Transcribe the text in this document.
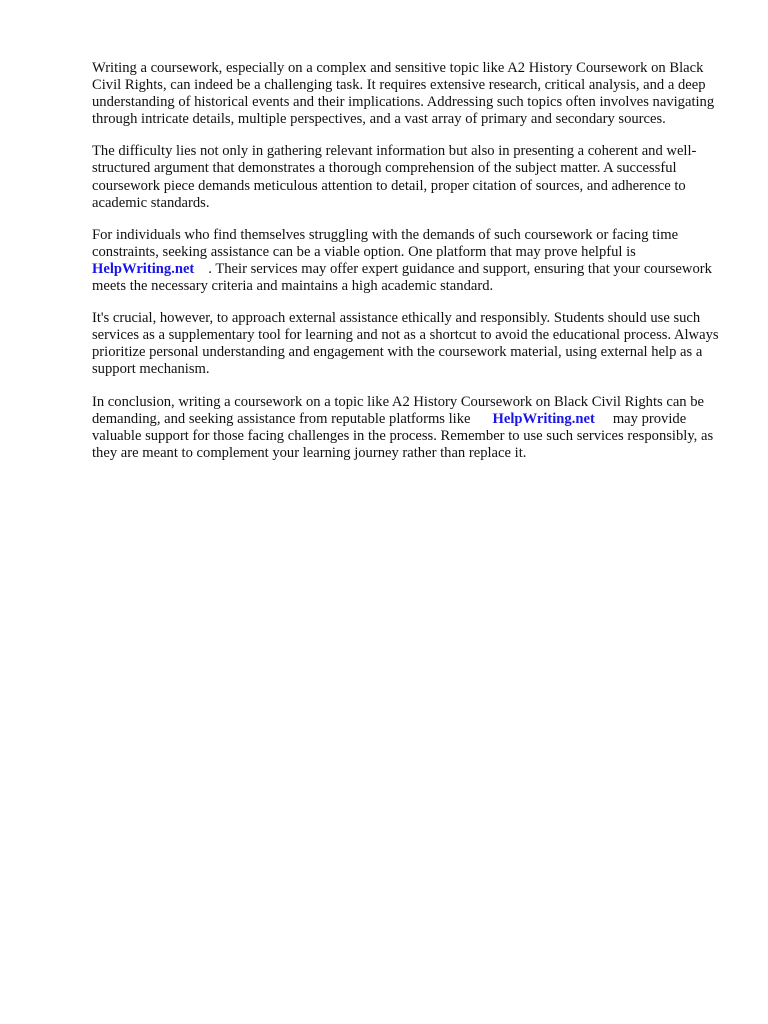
Writing a coursework, especially on a complex and sensitive topic like A2 History Coursework on Black Civil Rights, can indeed be a challenging task. It requires extensive research, critical analysis, and a deep understanding of historical events and their implications. Addressing such topics often involves navigating through intricate details, multiple perspectives, and a vast array of primary and secondary sources.

The difficulty lies not only in gathering relevant information but also in presenting a coherent and well-structured argument that demonstrates a thorough comprehension of the subject matter. A successful coursework piece demands meticulous attention to detail, proper citation of sources, and adherence to academic standards.

For individuals who find themselves struggling with the demands of such coursework or facing time constraints, seeking assistance can be a viable option. One platform that may prove helpful is
HelpWriting.net . Their services may offer expert guidance and support, ensuring that your coursework meets the necessary criteria and maintains a high academic standard.

It's crucial, however, to approach external assistance ethically and responsibly. Students should use such services as a supplementary tool for learning and not as a shortcut to avoid the educational process. Always prioritize personal understanding and engagement with the coursework material, using external help as a support mechanism.

In conclusion, writing a coursework on a topic like A2 History Coursework on Black Civil Rights can be demanding, and seeking assistance from reputable platforms like HelpWriting.net may provide valuable support for those facing challenges in the process. Remember to use such services responsibly, as they are meant to complement your learning journey rather than replace it.
